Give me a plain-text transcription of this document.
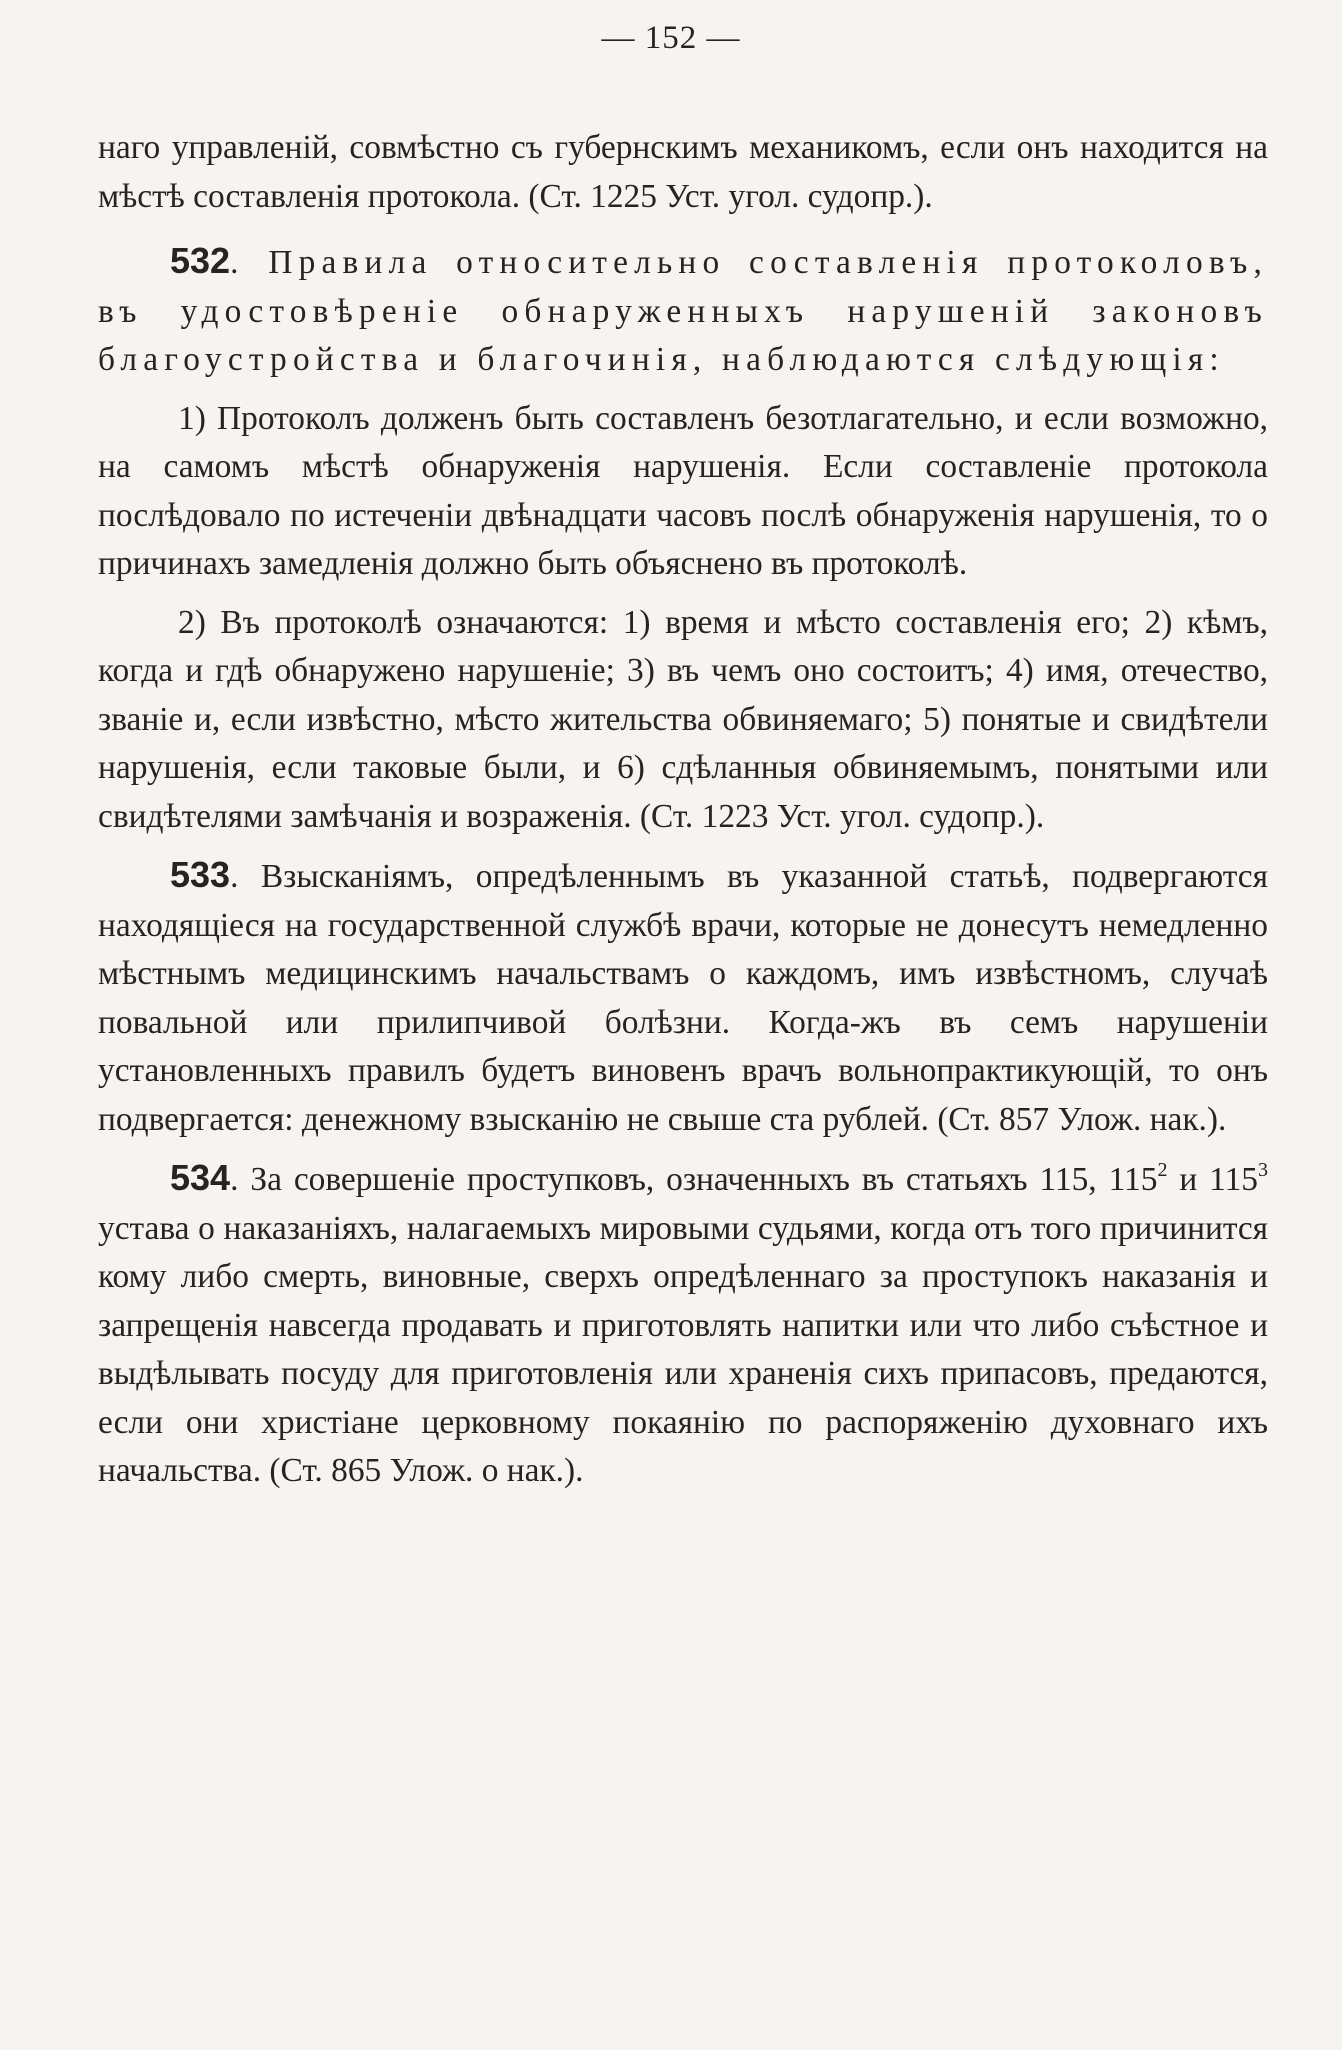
— 152 —

наго управленій, совмѣстно съ губернскимъ механикомъ, если онъ находится на мѣстѣ составленія протокола. (Ст. 1225 Уст. угол. судопр.).

532. Правила относительно составленія протоколовъ, въ удостовѣреніе обнаруженныхъ нарушеній законовъ благоустройства и благочинія, наблюдаются слѣдующія:

1) Протоколъ долженъ быть составленъ безотлагательно, и если возможно, на самомъ мѣстѣ обнаруженія нарушенія. Если составленіе протокола послѣдовало по истеченіи двѣнадцати часовъ послѣ обнаруженія нарушенія, то о причинахъ замедленія должно быть объяснено въ протоколѣ.

2) Въ протоколѣ означаются: 1) время и мѣсто составленія его; 2) кѣмъ, когда и гдѣ обнаружено нарушеніе; 3) въ чемъ оно состоитъ; 4) имя, отечество, званіе и, если извѣстно, мѣсто жительства обвиняемаго; 5) понятые и свидѣтели нарушенія, если таковые были, и 6) сдѣланныя обвиняемымъ, понятыми или свидѣтелями замѣчанія и возраженія. (Ст. 1223 Уст. угол. судопр.).

533. Взысканіямъ, опредѣленнымъ въ указанной статьѣ, подвергаются находящіеся на государственной службѣ врачи, которые не донесутъ немедленно мѣстнымъ медицинскимъ начальствамъ о каждомъ, имъ извѣстномъ, случаѣ повальной или прилипчивой болѣзни. Когда-жъ въ семъ нарушеніи установленныхъ правилъ будетъ виновенъ врачъ вольнопрактикующій, то онъ подвергается: денежному взысканію не свыше ста рублей. (Ст. 857 Улож. нак.).

534. За совершеніе проступковъ, означенныхъ въ статьяхъ 115, $115^2$ и $115^3$ устава о наказаніяхъ, налагаемыхъ мировыми судьями, когда отъ того причинится кому либо смерть, виновные, сверхъ опредѣленнаго за проступокъ наказанія и запрещенія навсегда продавать и приготовлять напитки или что либо съѣстное и выдѣлывать посуду для приготовленія или храненія сихъ припасовъ, предаются, если они христіане церковному покаянію по распоряженію духовнаго ихъ начальства. (Ст. 865 Улож. о нак.).
